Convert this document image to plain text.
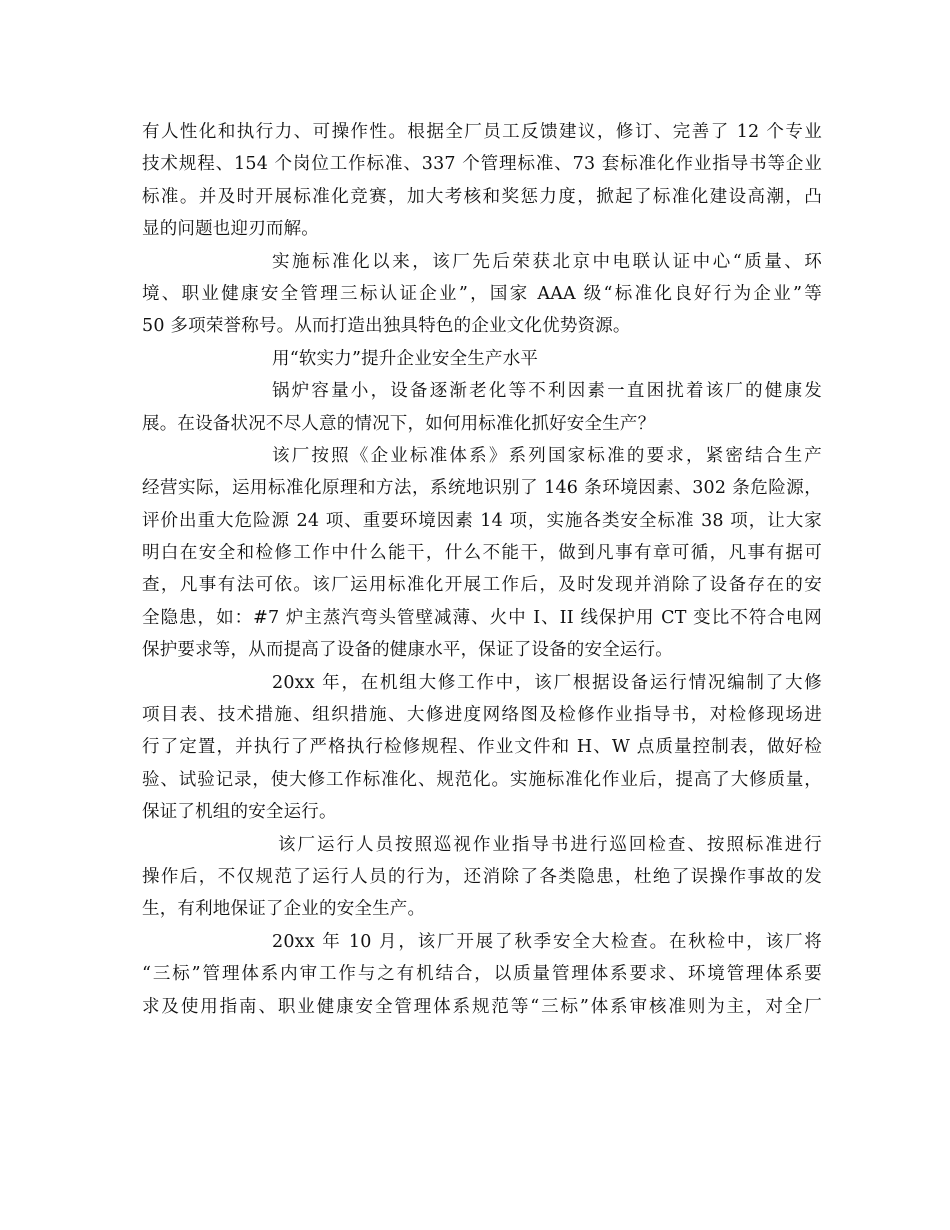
有人性化和执行力、可操作性。根据全厂员工反馈建议，修订、完善了 12 个专业
技术规程、154 个岗位工作标准、337 个管理标准、73 套标准化作业指导书等企业
标准。并及时开展标准化竞赛，加大考核和奖惩力度，掀起了标准化建设高潮，凸
显的问题也迎刃而解。
实施标准化以来，该厂先后荣获北京中电联认证中心“质量、环
境、职业健康安全管理三标认证企业”，国家 AAA 级“标准化良好行为企业”等
50 多项荣誉称号。从而打造出独具特色的企业文化优势资源。
用“软实力”提升企业安全生产水平
锅炉容量小，设备逐渐老化等不利因素一直困扰着该厂的健康发
展。在设备状况不尽人意的情况下，如何用标准化抓好安全生产？
该厂按照《企业标准体系》系列国家标准的要求，紧密结合生产
经营实际，运用标准化原理和方法，系统地识别了 146 条环境因素、302 条危险源，
评价出重大危险源 24 项、重要环境因素 14 项，实施各类安全标准 38 项，让大家
明白在安全和检修工作中什么能干，什么不能干，做到凡事有章可循，凡事有据可
查，凡事有法可依。该厂运用标准化开展工作后，及时发现并消除了设备存在的安
全隐患，如：#7 炉主蒸汽弯头管壁减薄、火中 I、II 线保护用 CT 变比不符合电网
保护要求等，从而提高了设备的健康水平，保证了设备的安全运行。
20xx 年，在机组大修工作中，该厂根据设备运行情况编制了大修
项目表、技术措施、组织措施、大修进度网络图及检修作业指导书，对检修现场进
行了定置，并执行了严格执行检修规程、作业文件和 H、W 点质量控制表，做好检
验、试验记录，使大修工作标准化、规范化。实施标准化作业后，提高了大修质量，
保证了机组的安全运行。
该厂运行人员按照巡视作业指导书进行巡回检查、按照标准进行
操作后，不仅规范了运行人员的行为，还消除了各类隐患，杜绝了误操作事故的发
生，有利地保证了企业的安全生产。
20xx 年 10 月，该厂开展了秋季安全大检查。在秋检中，该厂将
“三标”管理体系内审工作与之有机结合，以质量管理体系要求、环境管理体系要
求及使用指南、职业健康安全管理体系规范等“三标”体系审核准则为主，对全厂
